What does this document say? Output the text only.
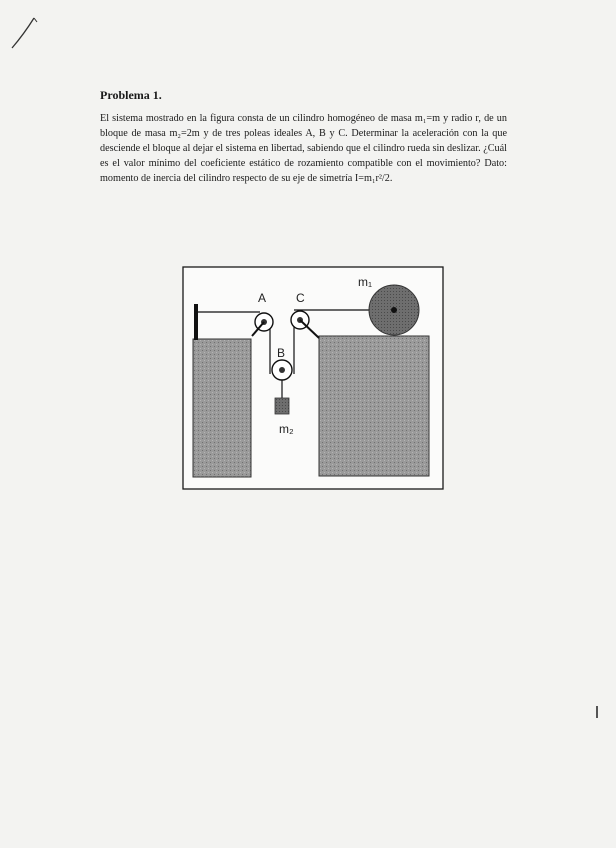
Problema 1.
El sistema mostrado en la figura consta de un cilindro homogéneo de masa m₁=m y radio r, de un bloque de masa m₂=2m y de tres poleas ideales A, B y C. Determinar la aceleración con la que desciende el bloque al dejar el sistema en libertad, sabiendo que el cilindro rueda sin deslizar. ¿Cuál es el valor mínimo del coeficiente estático de rozamiento compatible con el movimiento? Dato: momento de inercia del cilindro respecto de su eje de simetría I=m₁r²/2.
A C
B
m₁
m₂
